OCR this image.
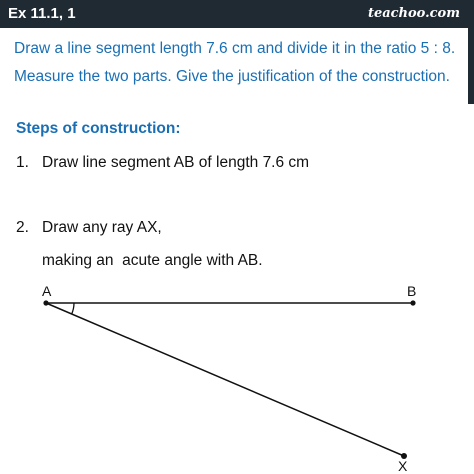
Ex 11.1, 1	teachoo.com
Draw a line segment length 7.6 cm and divide it in the ratio 5 : 8.
Measure the two parts. Give the justification of the construction.
Steps of construction:
1. Draw line segment AB of length 7.6 cm
2. Draw any ray AX,
making an  acute angle with AB.
A	B
X
